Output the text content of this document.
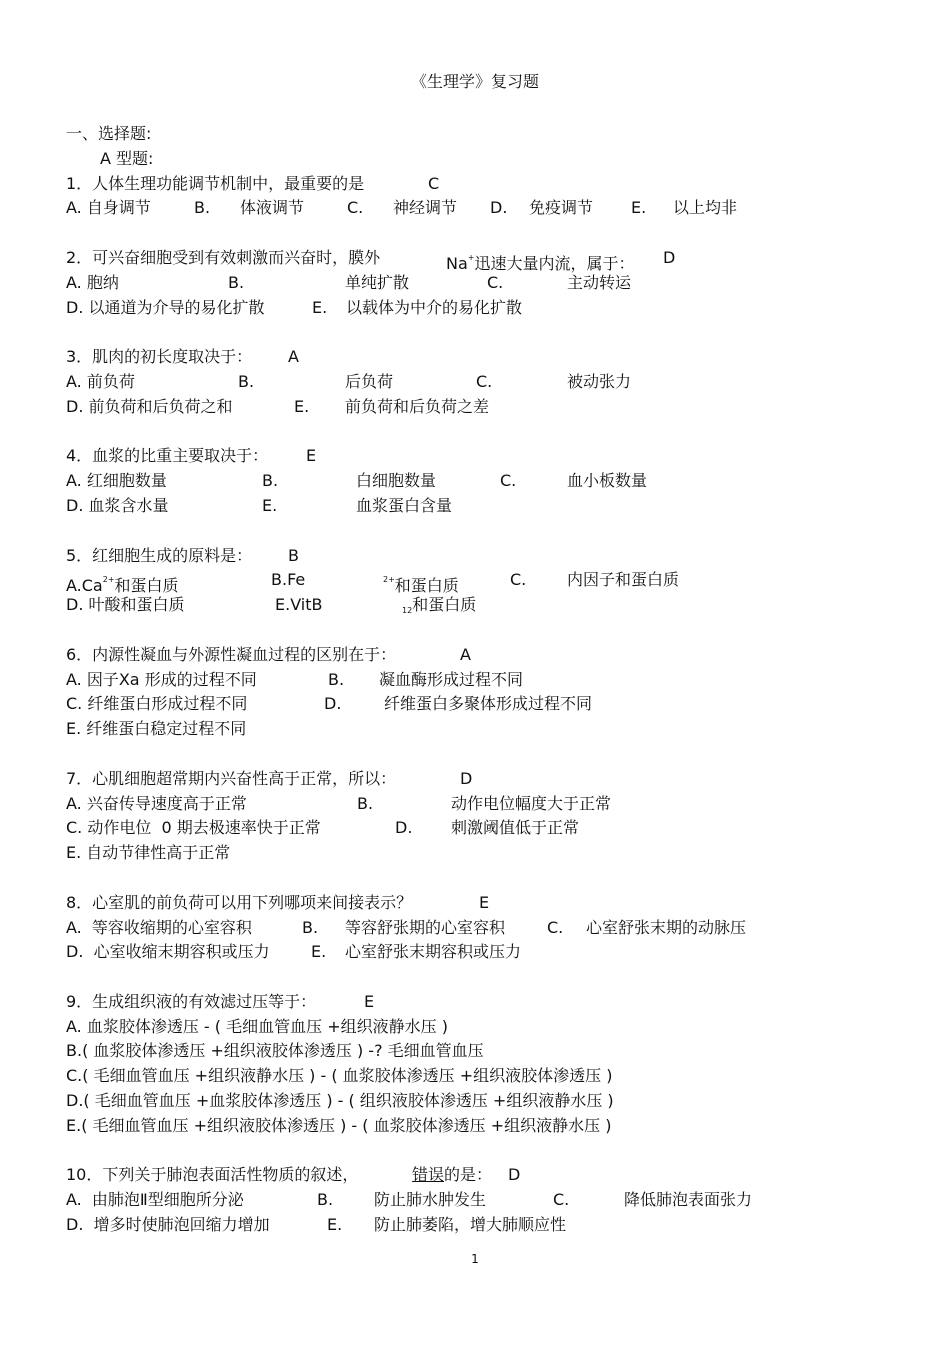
《生理学》复习题
一、选择题:
A 型题:
1．人体生理功能调节机制中，最重要的是	C
A. 自身调节	B. 体液调节	C. 神经调节 D. 免疫调节 E. 以上均非
2．可兴奋细胞受到有效刺激而兴奋时，膜外	Na+迅速大量内流，属于： D
A. 胞纳	B.	单纯扩散	C.	主动转运
D. 以通道为介导的易化扩散	E. 以载体为中介的易化扩散
3．肌肉的初长度取决于： A
A. 前负荷	B.	后负荷	C.	被动张力
D. 前负荷和后负荷之和	E. 前负荷和后负荷之差
4．血浆的比重主要取决于： E
A. 红细胞数量	B.	白细胞数量	C.	血小板数量
D. 血浆含水量	E.	血浆蛋白含量
5．红细胞生成的原料是： B
$A.Ca^{2+}$和蛋白质	B.Fe	$^{2+}$和蛋白质	C.	内因子和蛋白质
D. 叶酸和蛋白质	E.VitB	$_{12}$和蛋白质
6．内源性凝血与外源性凝血过程的区别在于：	A
A. 因子Ⅹa 形成的过程不同	B. 凝血酶形成过程不同
C. 纤维蛋白形成过程不同	D.	纤维蛋白多聚体形成过程不同
E. 纤维蛋白稳定过程不同
7．心肌细胞超常期内兴奋性高于正常，所以：	D
A. 兴奋传导速度高于正常	B.	动作电位幅度大于正常
C. 动作电位  0 期去极速率快于正常	D. 刺激阈值低于正常
E. 自动节律性高于正常
8．心室肌的前负荷可以用下列哪项来间接表示？	E
A.  等容收缩期的心室容积	B. 等容舒张期的心室容积	C. 心室舒张末期的动脉压
D.  心室收缩末期容积或压力	E. 心室舒张末期容积或压力
9．生成组织液的有效滤过压等于：	E
A. 血浆胶体渗透压 - ( 毛细血管血压 +组织液静水压 )
B.( 血浆胶体渗透压 +组织液胶体渗透压 ) -? 毛细血管血压
C.( 毛细血管血压 +组织液静水压 ) - ( 血浆胶体渗透压 +组织液胶体渗透压 )
D.( 毛细血管血压 +血浆胶体渗透压 ) - ( 组织液胶体渗透压 +组织液静水压 )
E.( 毛细血管血压 +组织液胶体渗透压 ) - ( 血浆胶体渗透压 +组织液静水压 )
10．下列关于肺泡表面活性物质的叙述，	错误的是： D
A.  由肺泡Ⅱ型细胞所分泌	B.	防止肺水肿发生	C.	降低肺泡表面张力
D.  增多时使肺泡回缩力增加	E. 防止肺萎陷，增大肺顺应性
1
